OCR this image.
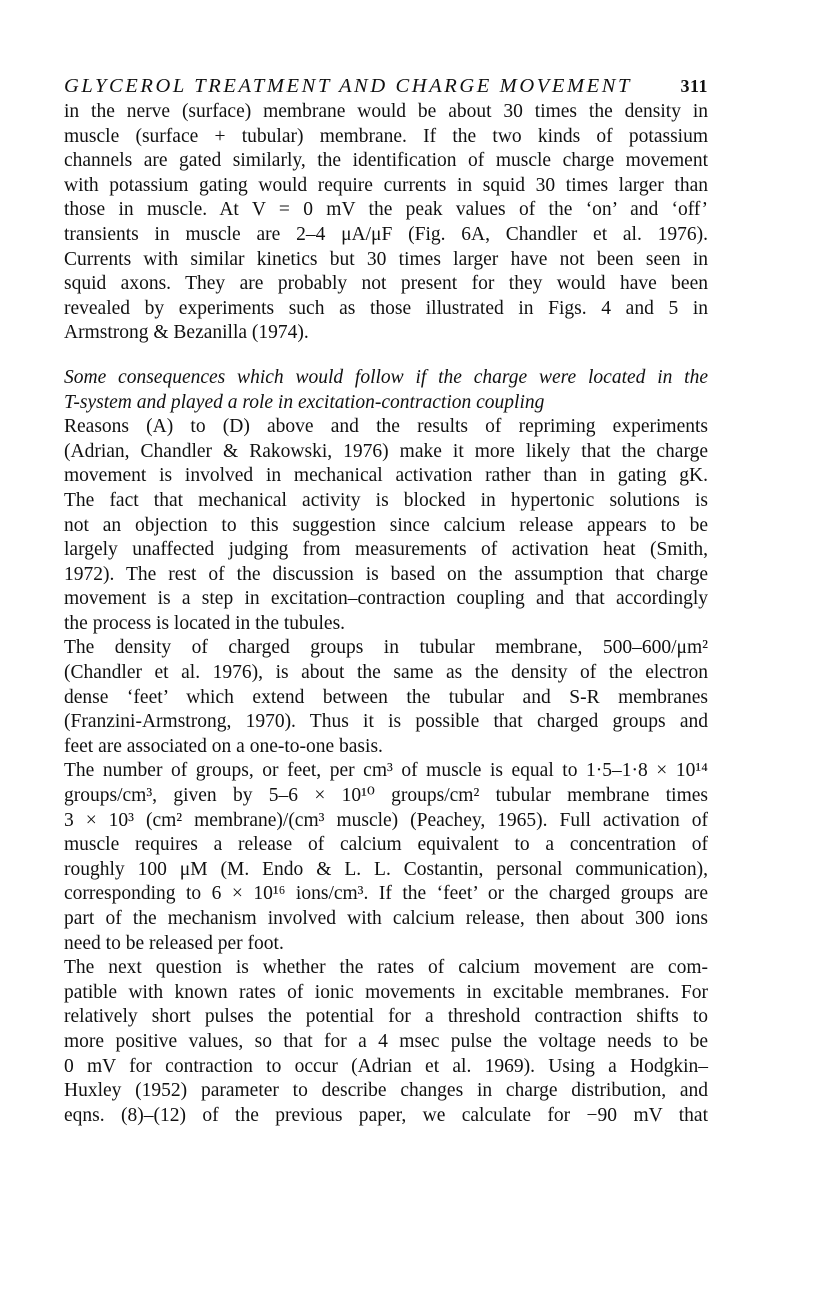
GLYCEROL TREATMENT AND CHARGE MOVEMENT	311
in the nerve (surface) membrane would be about 30 times the density in
muscle (surface + tubular) membrane. If the two kinds of potassium
channels are gated similarly, the identification of muscle charge movement
with potassium gating would require currents in squid 30 times larger than
those in muscle. At V = 0 mV the peak values of the ‘on’ and ‘off’
transients in muscle are 2–4 μA/μF (Fig. 6A, Chandler et al. 1976).
Currents with similar kinetics but 30 times larger have not been seen in
squid axons. They are probably not present for they would have been
revealed by experiments such as those illustrated in Figs. 4 and 5 in
Armstrong & Bezanilla (1974).
Some consequences which would follow if the charge were located in the
T-system and played a role in excitation-contraction coupling
Reasons (A) to (D) above and the results of repriming experiments
(Adrian, Chandler & Rakowski, 1976) make it more likely that the charge
movement is involved in mechanical activation rather than in gating gK.
The fact that mechanical activity is blocked in hypertonic solutions is
not an objection to this suggestion since calcium release appears to be
largely unaffected judging from measurements of activation heat (Smith,
1972). The rest of the discussion is based on the assumption that charge
movement is a step in excitation–contraction coupling and that accordingly
the process is located in the tubules.
The density of charged groups in tubular membrane, 500–600/μm²
(Chandler et al. 1976), is about the same as the density of the electron
dense ‘feet’ which extend between the tubular and S-R membranes
(Franzini-Armstrong, 1970). Thus it is possible that charged groups and
feet are associated on a one-to-one basis.
The number of groups, or feet, per cm³ of muscle is equal to 1·5–1·8 × 10¹⁴
groups/cm³, given by 5–6 × 10¹⁰ groups/cm² tubular membrane times
3 × 10³ (cm² membrane)/(cm³ muscle) (Peachey, 1965). Full activation of
muscle requires a release of calcium equivalent to a concentration of
roughly 100 μM (M. Endo & L. L. Costantin, personal communication),
corresponding to 6 × 10¹⁶ ions/cm³. If the ‘feet’ or the charged groups are
part of the mechanism involved with calcium release, then about 300 ions
need to be released per foot.
The next question is whether the rates of calcium movement are com-
patible with known rates of ionic movements in excitable membranes. For
relatively short pulses the potential for a threshold contraction shifts to
more positive values, so that for a 4 msec pulse the voltage needs to be
0 mV for contraction to occur (Adrian et al. 1969). Using a Hodgkin–
Huxley (1952) parameter to describe changes in charge distribution, and
eqns. (8)–(12) of the previous paper, we calculate for −90 mV that
